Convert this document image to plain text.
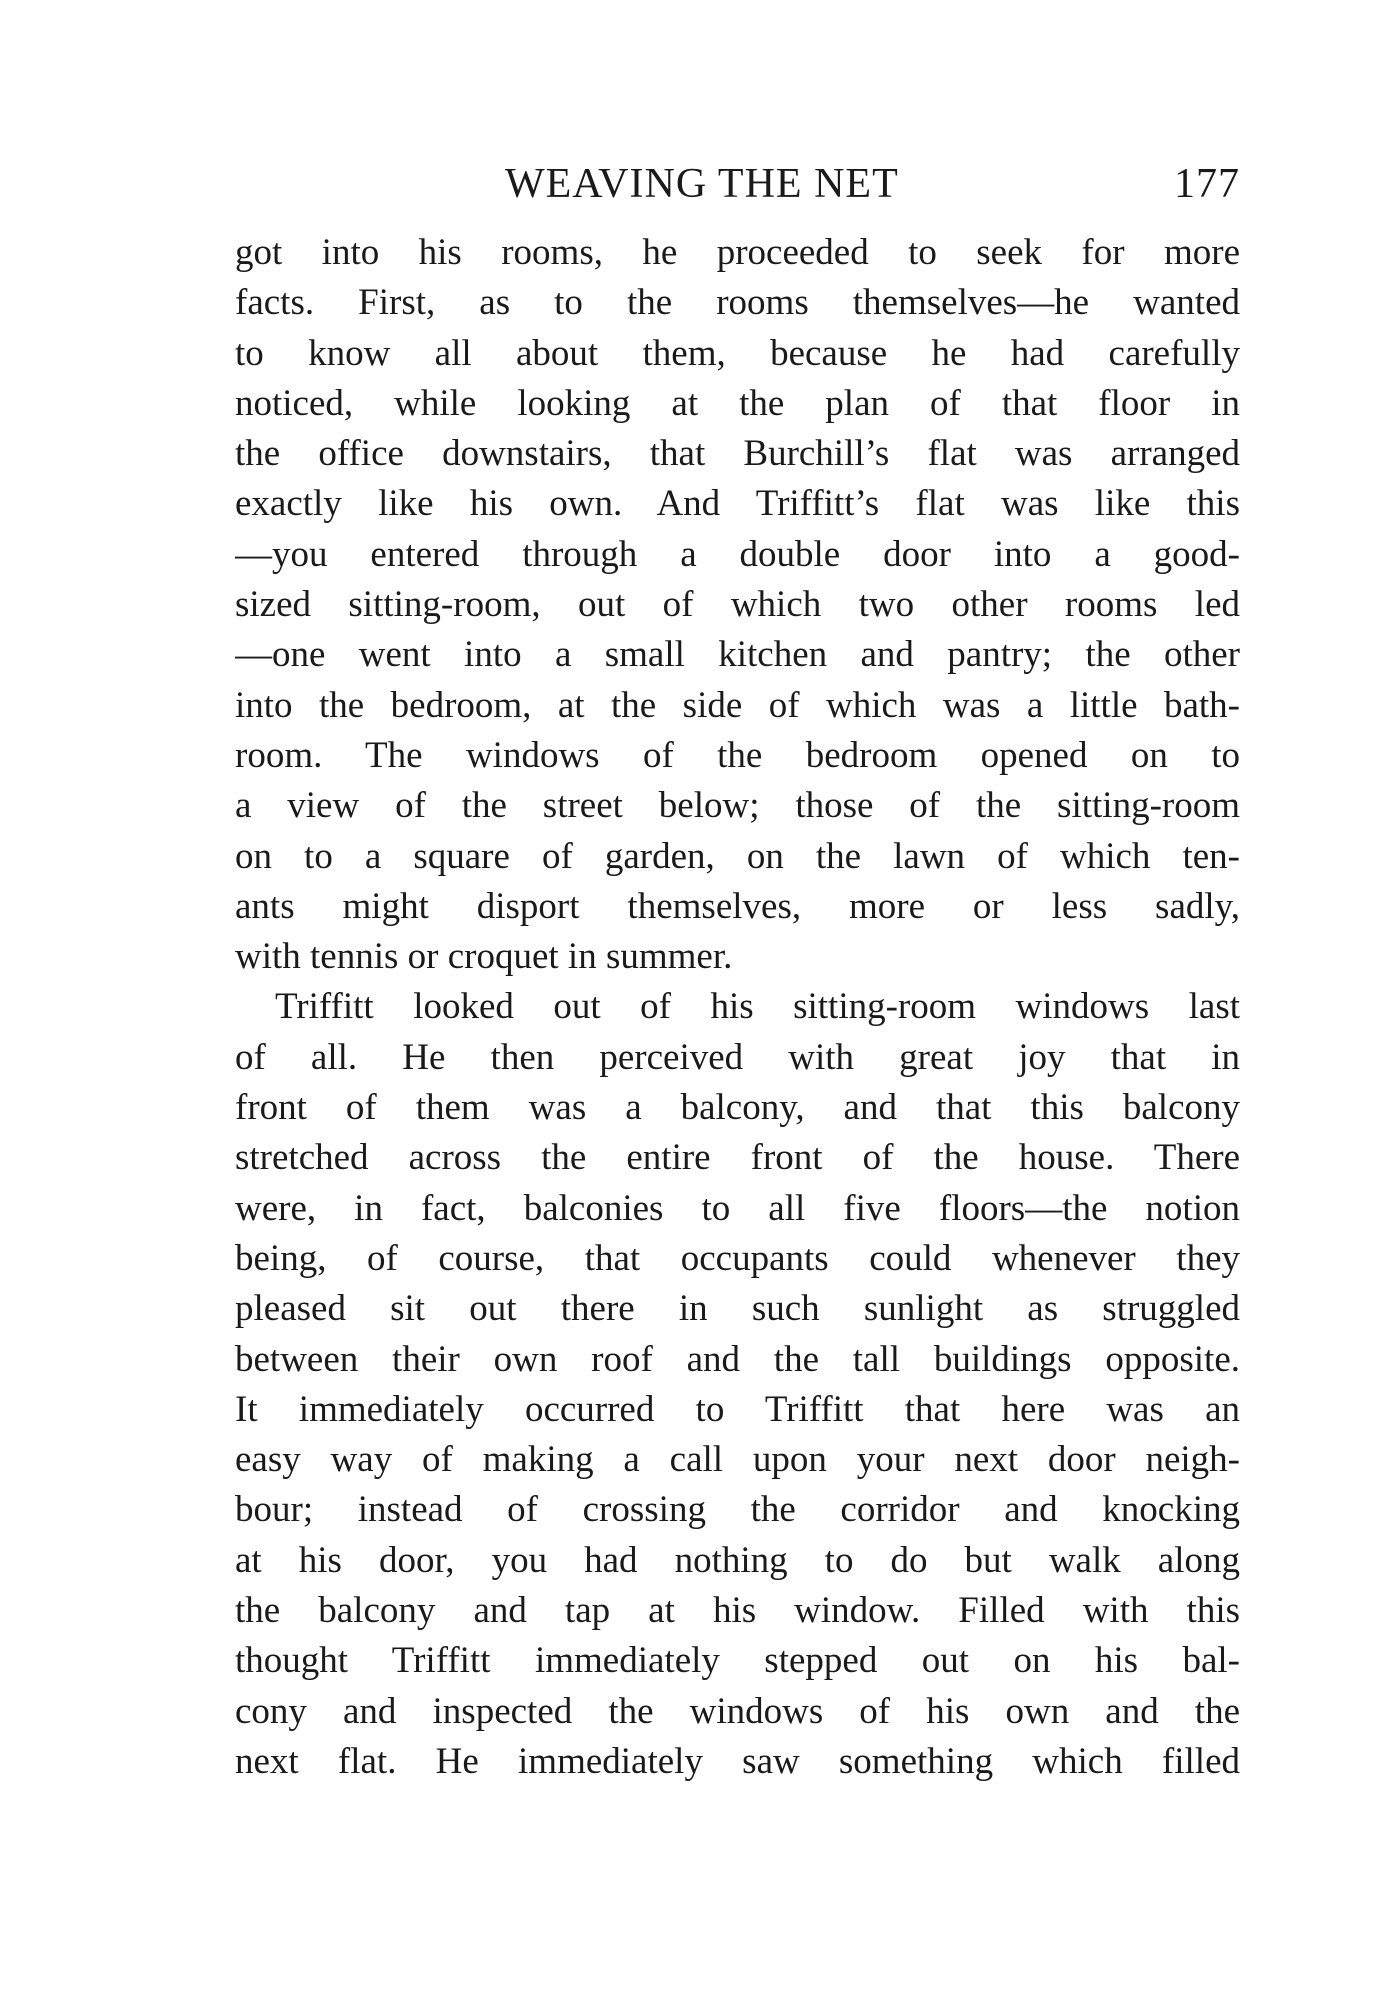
WEAVING THE NET	177
got into his rooms, he proceeded to seek for more
facts. First, as to the rooms themselves—he wanted
to know all about them, because he had carefully
noticed, while looking at the plan of that floor in
the office downstairs, that Burchill’s flat was arranged
exactly like his own. And Triffitt’s flat was like this
—you entered through a double door into a good-
sized sitting-room, out of which two other rooms led
—one went into a small kitchen and pantry; the other
into the bedroom, at the side of which was a little bath-
room. The windows of the bedroom opened on to
a view of the street below; those of the sitting-room
on to a square of garden, on the lawn of which ten-
ants might disport themselves, more or less sadly,
with tennis or croquet in summer.
Triffitt looked out of his sitting-room windows last
of all. He then perceived with great joy that in
front of them was a balcony, and that this balcony
stretched across the entire front of the house. There
were, in fact, balconies to all five floors—the notion
being, of course, that occupants could whenever they
pleased sit out there in such sunlight as struggled
between their own roof and the tall buildings opposite.
It immediately occurred to Triffitt that here was an
easy way of making a call upon your next door neigh-
bour; instead of crossing the corridor and knocking
at his door, you had nothing to do but walk along
the balcony and tap at his window. Filled with this
thought Triffitt immediately stepped out on his bal-
cony and inspected the windows of his own and the
next flat. He immediately saw something which filled
